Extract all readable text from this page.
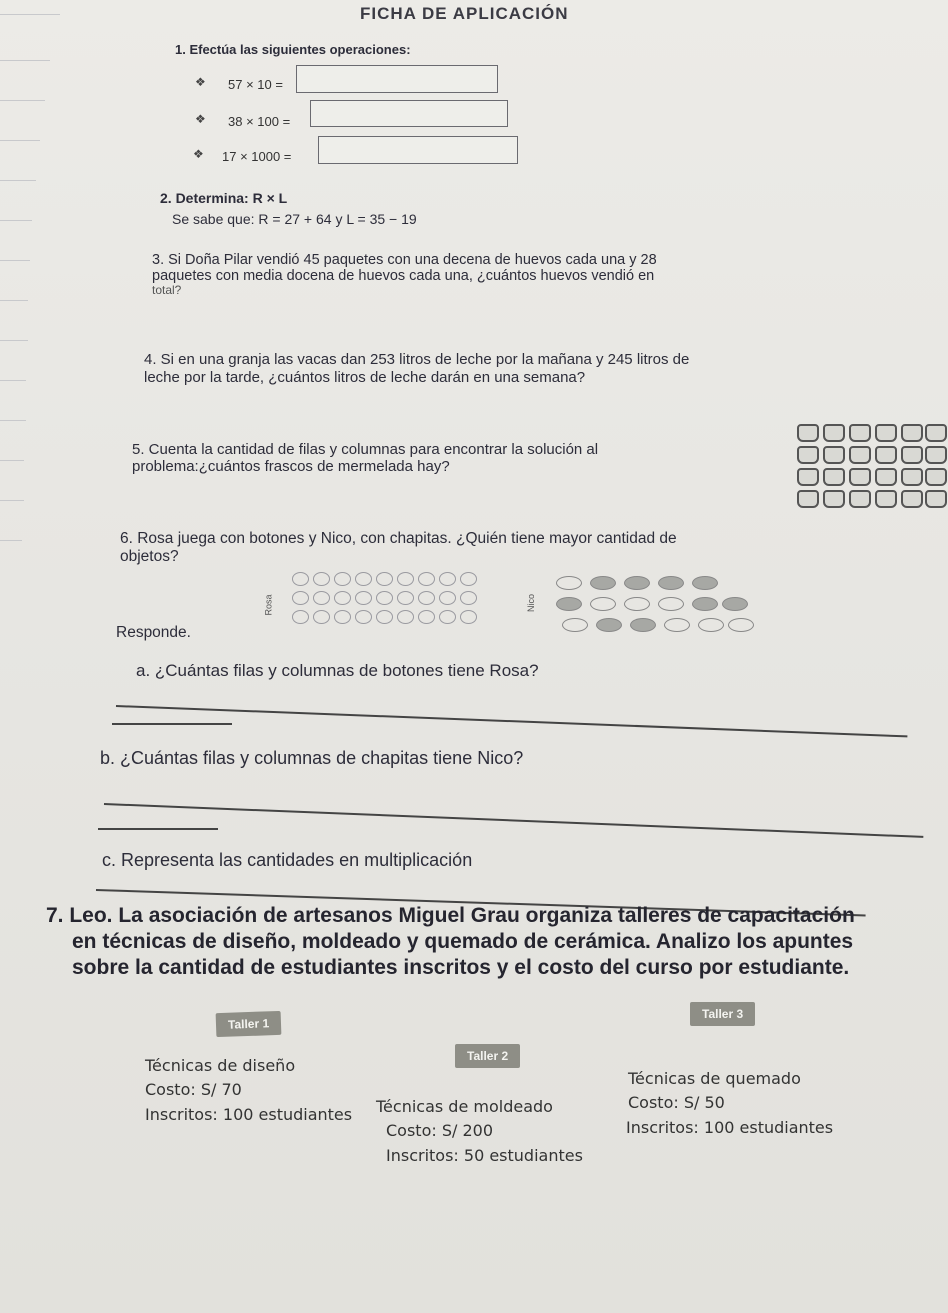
FICHA DE APLICACIÓN
1. Efectúa las siguientes operaciones:
❖ 57 × 10 =
❖ 38 × 100 =
❖ 17 × 1000 =
2. Determina: R × L
Se sabe que: R = 27 + 64 y L = 35 − 19
3. Si Doña Pilar vendió 45 paquetes con una decena de huevos cada una y 28
paquetes con media docena de huevos cada una, ¿cuántos huevos vendió en
total?
4. Si en una granja las vacas dan 253 litros de leche por la mañana y 245 litros de
leche por la tarde, ¿cuántos litros de leche darán en una semana?
5. Cuenta la cantidad de filas y columnas para encontrar la solución al
problema:¿cuántos frascos de mermelada hay?
6. Rosa juega con botones y Nico, con chapitas. ¿Quién tiene mayor cantidad de
objetos?
Rosa	Nico
Responde.
a. ¿Cuántas filas y columnas de botones tiene Rosa?
b. ¿Cuántas filas y columnas de chapitas tiene Nico?
c. Representa las cantidades en multiplicación
7. Leo. La asociación de artesanos Miguel Grau organiza talleres de capacitación
en técnicas de diseño, moldeado y quemado de cerámica. Analizo los apuntes
sobre la cantidad de estudiantes inscritos y el costo del curso por estudiante.
Taller 1
Técnicas de diseño
Costo: S/ 70
Inscritos: 100 estudiantes
Taller 2
Técnicas de moldeado
Costo: S/ 200
Inscritos: 50 estudiantes
Taller 3
Técnicas de quemado
Costo: S/ 50
Inscritos: 100 estudiantes
